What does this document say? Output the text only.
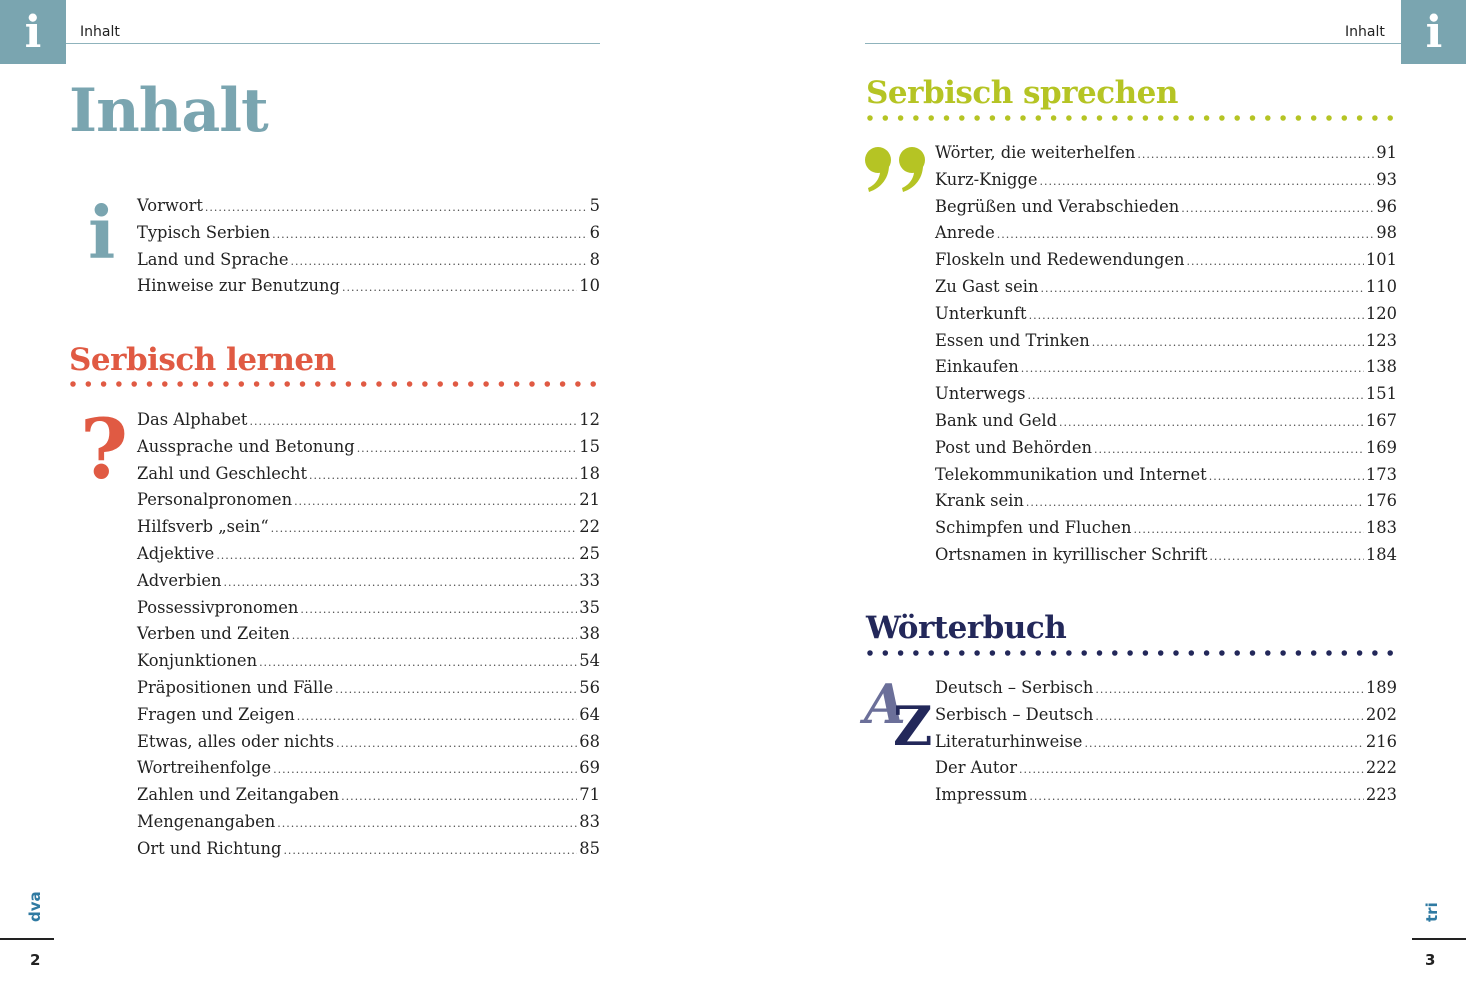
i	Inhalt
Inhalt
i Vorwort .....	5
Typisch Serbien .....	6
Land und Sprache .....	8
Hinweise zur Benutzung .....	10
Serbisch lernen
? Das Alphabet .....	12
Aussprache und Betonung .....	15
Zahl und Geschlecht .....	18
Personalpronomen .....	21
Hilfsverb „sein“ .....	22
Adjektive .....	25
Adverbien .....	33
Possessivpronomen .....	35
Verben und Zeiten .....	38
Konjunktionen .....	54
Präpositionen und Fälle .....	56
Fragen und Zeigen .....	64
Etwas, alles oder nichts .....	68
Wortreihenfolge .....	69
Zahlen und Zeitangaben .....	71
Mengenangaben .....	83
Ort und Richtung .....	85
dva
2
i
Inhalt
Serbisch sprechen
Wörter, die weiterhelfen .....	91
Kurz-Knigge .....	93
Begrüßen und Verabschieden .....	96
Anrede .....	98
Floskeln und Redewendungen .....	101
Zu Gast sein .....	110
Unterkunft .....	120
Essen und Trinken .....	123
Einkaufen .....	138
Unterwegs .....	151
Bank und Geld .....	167
Post und Behörden .....	169
Telekommunikation und Internet .....	173
Krank sein .....	176
Schimpfen und Fluchen .....	183
Ortsnamen in kyrillischer Schrift .....	184
Wörterbuch
A
Z
Deutsch – Serbisch .....	189
Serbisch – Deutsch .....	202
Literaturhinweise .....	216
Der Autor .....	222
Impressum .....	223
tri
3
